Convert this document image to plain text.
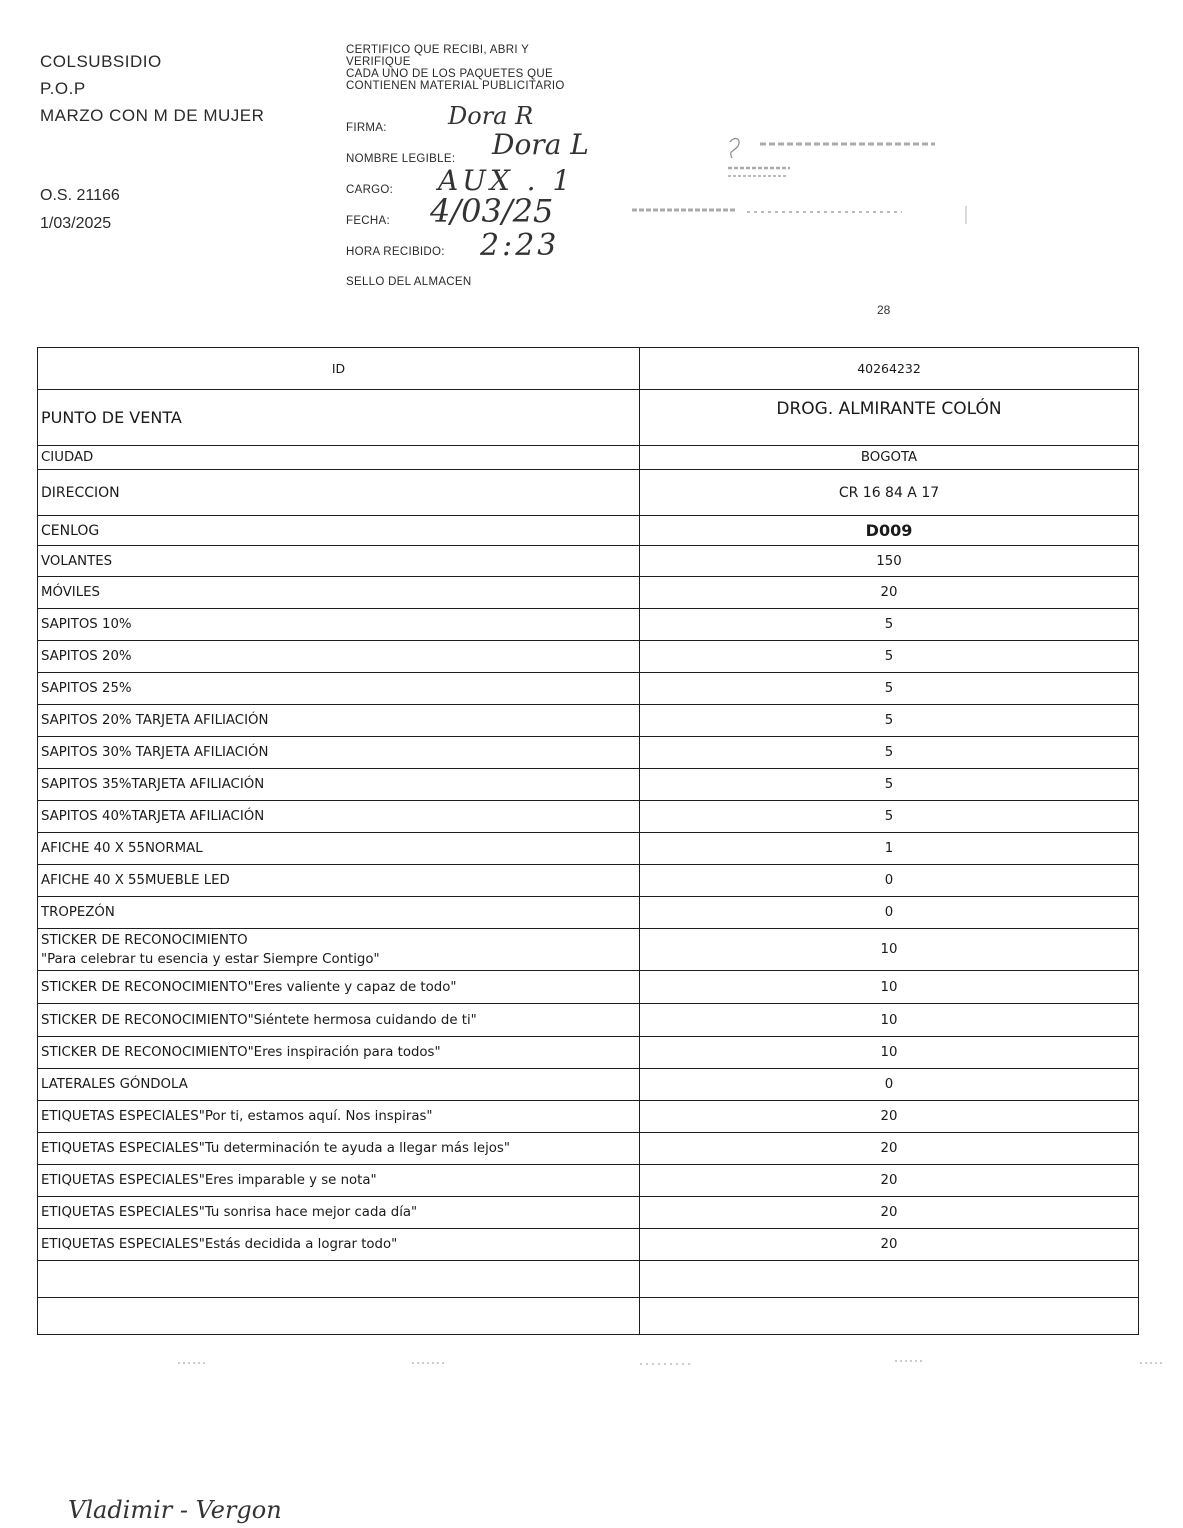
COLSUBSIDIO
P.O.P
MARZO CON M DE MUJER
O.S. 21166
1/03/2025
CERTIFICO QUE RECIBI, ABRI Y
VERIFIQUE
CADA UNO DE LOS PAQUETES QUE
CONTIENEN MATERIAL PUBLICITARIO
FIRMA:	Dora R
NOMBRE LEGIBLE: Dora L
CARGO: AUX . 1
FECHA: 4/03/25
HORA RECIBIDO: 2:23
SELLO DEL ALMACEN
28
ID	40264232
PUNTO DE VENTA	DROG. ALMIRANTE COLÓN
CIUDAD	BOGOTA
DIRECCION	CR 16 84 A 17
CENLOG	D009
VOLANTES	150
MÓVILES	20
SAPITOS 10%	5
SAPITOS 20%	5
SAPITOS 25%	5
SAPITOS 20% TARJETA AFILIACIÓN	5
SAPITOS 30% TARJETA AFILIACIÓN	5
SAPITOS 35%TARJETA AFILIACIÓN	5
SAPITOS 40%TARJETA AFILIACIÓN	5
AFICHE 40 X 55NORMAL	1
AFICHE 40 X 55MUEBLE LED	0
TROPEZÓN	0

STICKER DE RECONOCIMIENTO
"Para celebrar tu esencia y estar Siempre Contigo"	10
STICKER DE RECONOCIMIENTO"Eres valiente y capaz de todo"	10
STICKER DE RECONOCIMIENTO"Siéntete hermosa cuidando de ti"	10
STICKER DE RECONOCIMIENTO"Eres inspiración para todos"	10
LATERALES GÓNDOLA	0
ETIQUETAS ESPECIALES"Por ti, estamos aquí. Nos inspiras"	20
ETIQUETAS ESPECIALES"Tu determinación te ayuda a llegar más lejos"	20
ETIQUETAS ESPECIALES"Eres imparable y se nota"	20
ETIQUETAS ESPECIALES"Tu sonrisa hace mejor cada día"	20
ETIQUETAS ESPECIALES"Estás decidida a lograr todo"	20

Vladimir - Vergon
